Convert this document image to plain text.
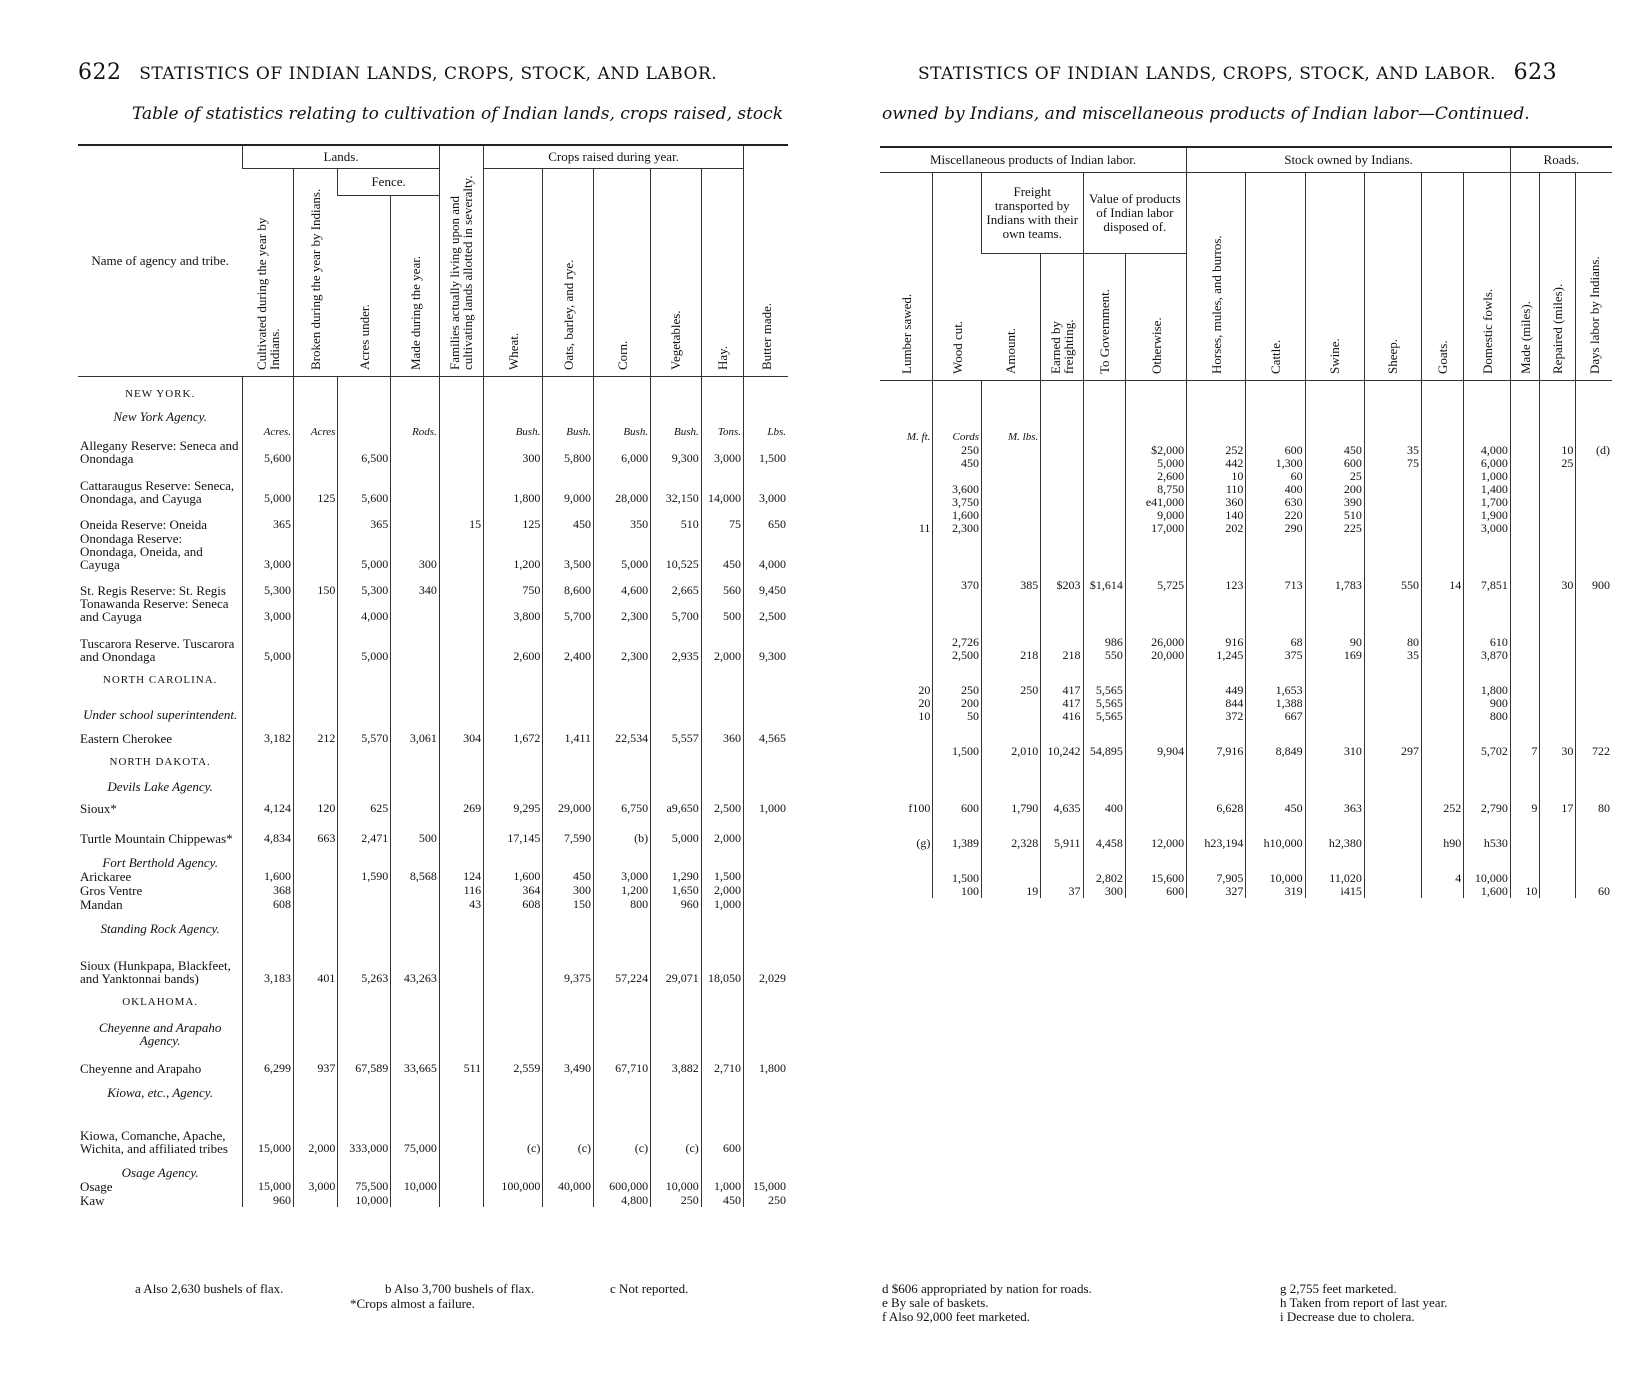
622 STATISTICS OF INDIAN LANDS, CROPS, STOCK, AND LABOR.
Table of statistics relating to cultivation of Indian lands, crops raised, stock
Name of agency and tribe.	Lands.				Families actually living upon and cultivating lands allotted in severalty.	Crops raised during year.					Butter made.

	Cultivated during the year by Indians.	Broken during the year by Indians.	Fence.			Wheat.	Oats, barley, and rye.	Corn.	Vegetables.	Hay.	

			Acres under.	Made during the year.							

NEW YORK.											
New York Agency.											
	Acres.	Acres		Rods.		Bush.	Bush.	Bush.	Bush.	Tons.	Lbs.
Allegany Reserve: Seneca and Onondaga	5,600		6,500			300	5,800	6,000	9,300	3,000	1,500
Cattaraugus Reserve: Seneca, Onondaga, and Cayuga	5,000	125	5,600			1,800	9,000	28,000	32,150	14,000	3,000
Oneida Reserve: Oneida	365		365		15	125	450	350	510	75	650
Onondaga Reserve: Onondaga, Oneida, and Cayuga	3,000		5,000	300		1,200	3,500	5,000	10,525	450	4,000
St. Regis Reserve: St. Regis	5,300	150	5,300	340		750	8,600	4,600	2,665	560	9,450
Tonawanda Reserve: Seneca and Cayuga	3,000		4,000			3,800	5,700	2,300	5,700	500	2,500
Tuscarora Reserve. Tuscarora and Onondaga	5,000		5,000			2,600	2,400	2,300	2,935	2,000	9,300
NORTH CAROLINA.											
Under school superintendent.											
Eastern Cherokee	3,182	212	5,570	3,061	304	1,672	1,411	22,534	5,557	360	4,565
NORTH DAKOTA.											
Devils Lake Agency.											
Sioux*	4,124	120	625		269	9,295	29,000	6,750	a9,650	2,500	1,000
Turtle Mountain Chippewas*	4,834	663	2,471	500		17,145	7,590	(b)	5,000	2,000	
Fort Berthold Agency.											
Arickaree	1,600		1,590	8,568	124	1,600	450	3,000	1,290	1,500	
Gros Ventre	368				116	364	300	1,200	1,650	2,000	
Mandan	608				43	608	150	800	960	1,000	
Standing Rock Agency.											
Sioux (Hunkpapa, Blackfeet, and Yanktonnai bands)	3,183	401	5,263	43,263			9,375	57,224	29,071	18,050	2,029
OKLAHOMA.											
Cheyenne and Arapaho Agency.											
Cheyenne and Arapaho	6,299	937	67,589	33,665	511	2,559	3,490	67,710	3,882	2,710	1,800
Kiowa, etc., Agency.											
Kiowa, Comanche, Apache, Wichita, and affiliated tribes	15,000	2,000	333,000	75,000		(c)	(c)	(c)	(c)	600	
Osage Agency.											
Osage	15,000	3,000	75,500	10,000		100,000	40,000	600,000	10,000	1,000	15,000
Kaw	960		10,000					4,800	250	450	250
a Also 2,630 bushels of flax.	b Also 3,700 bushels of flax.	c Not reported.
*Crops almost a failure.
STATISTICS OF INDIAN LANDS, CROPS, STOCK, AND LABOR. 623
owned by Indians, and miscellaneous products of Indian labor—Continued.
Miscellaneous products of Indian labor.						Stock owned by Indians.						Roads.		

Lumber sawed.	Wood cut.	Freight transported by Indians with their own teams.		Value of products of Indian labor disposed of.		Horses, mules, and burros.	Cattle.	Swine.	Sheep.	Goats.	Domestic fowls.	Made (miles).	Repaired (miles).	Days labor by Indians.

		Amount.	Earned by freighting.	To Government.	Otherwise.									

M. ft.	Cords	M. lbs.												
	250				$2,000	252	600	450	35		4,000		10	(d)
	450				5,000	442	1,300	600	75		6,000		25	
					2,600	10	60	25			1,000			
	3,600				8,750	110	400	200			1,400			
	3,750				e41,000	360	630	390			1,700			
	1,600				9,000	140	220	510			1,900			
11	2,300				17,000	202	290	225			3,000			

	370	385	$203	$1,614	5,725	123	713	1,783	550	14	7,851		30	900

	2,726			986	26,000	916	68	90	80		610			
	2,500	218	218	550	20,000	1,245	375	169	35		3,870			

20	250	250	417	5,565		449	1,653				1,800			
20	200		417	5,565		844	1,388				900			
10	50		416	5,565		372	667				800			

	1,500	2,010	10,242	54,895	9,904	7,916	8,849	310	297		5,702	7	30	722

f100	600	1,790	4,635	400		6,628	450	363		252	2,790	9	17	80

(g)	1,389	2,328	5,911	4,458	12,000	h23,194	h10,000	h2,380		h90	h530			

	1,500			2,802	15,600	7,905	10,000	11,020		4	10,000			
	100	19	37	300	600	327	319	i415			1,600	10		60
d $606 appropriated by nation for roads.
e By sale of baskets.
f Also 92,000 feet marketed.
g 2,755 feet marketed.
h Taken from report of last year.
i Decrease due to cholera.
